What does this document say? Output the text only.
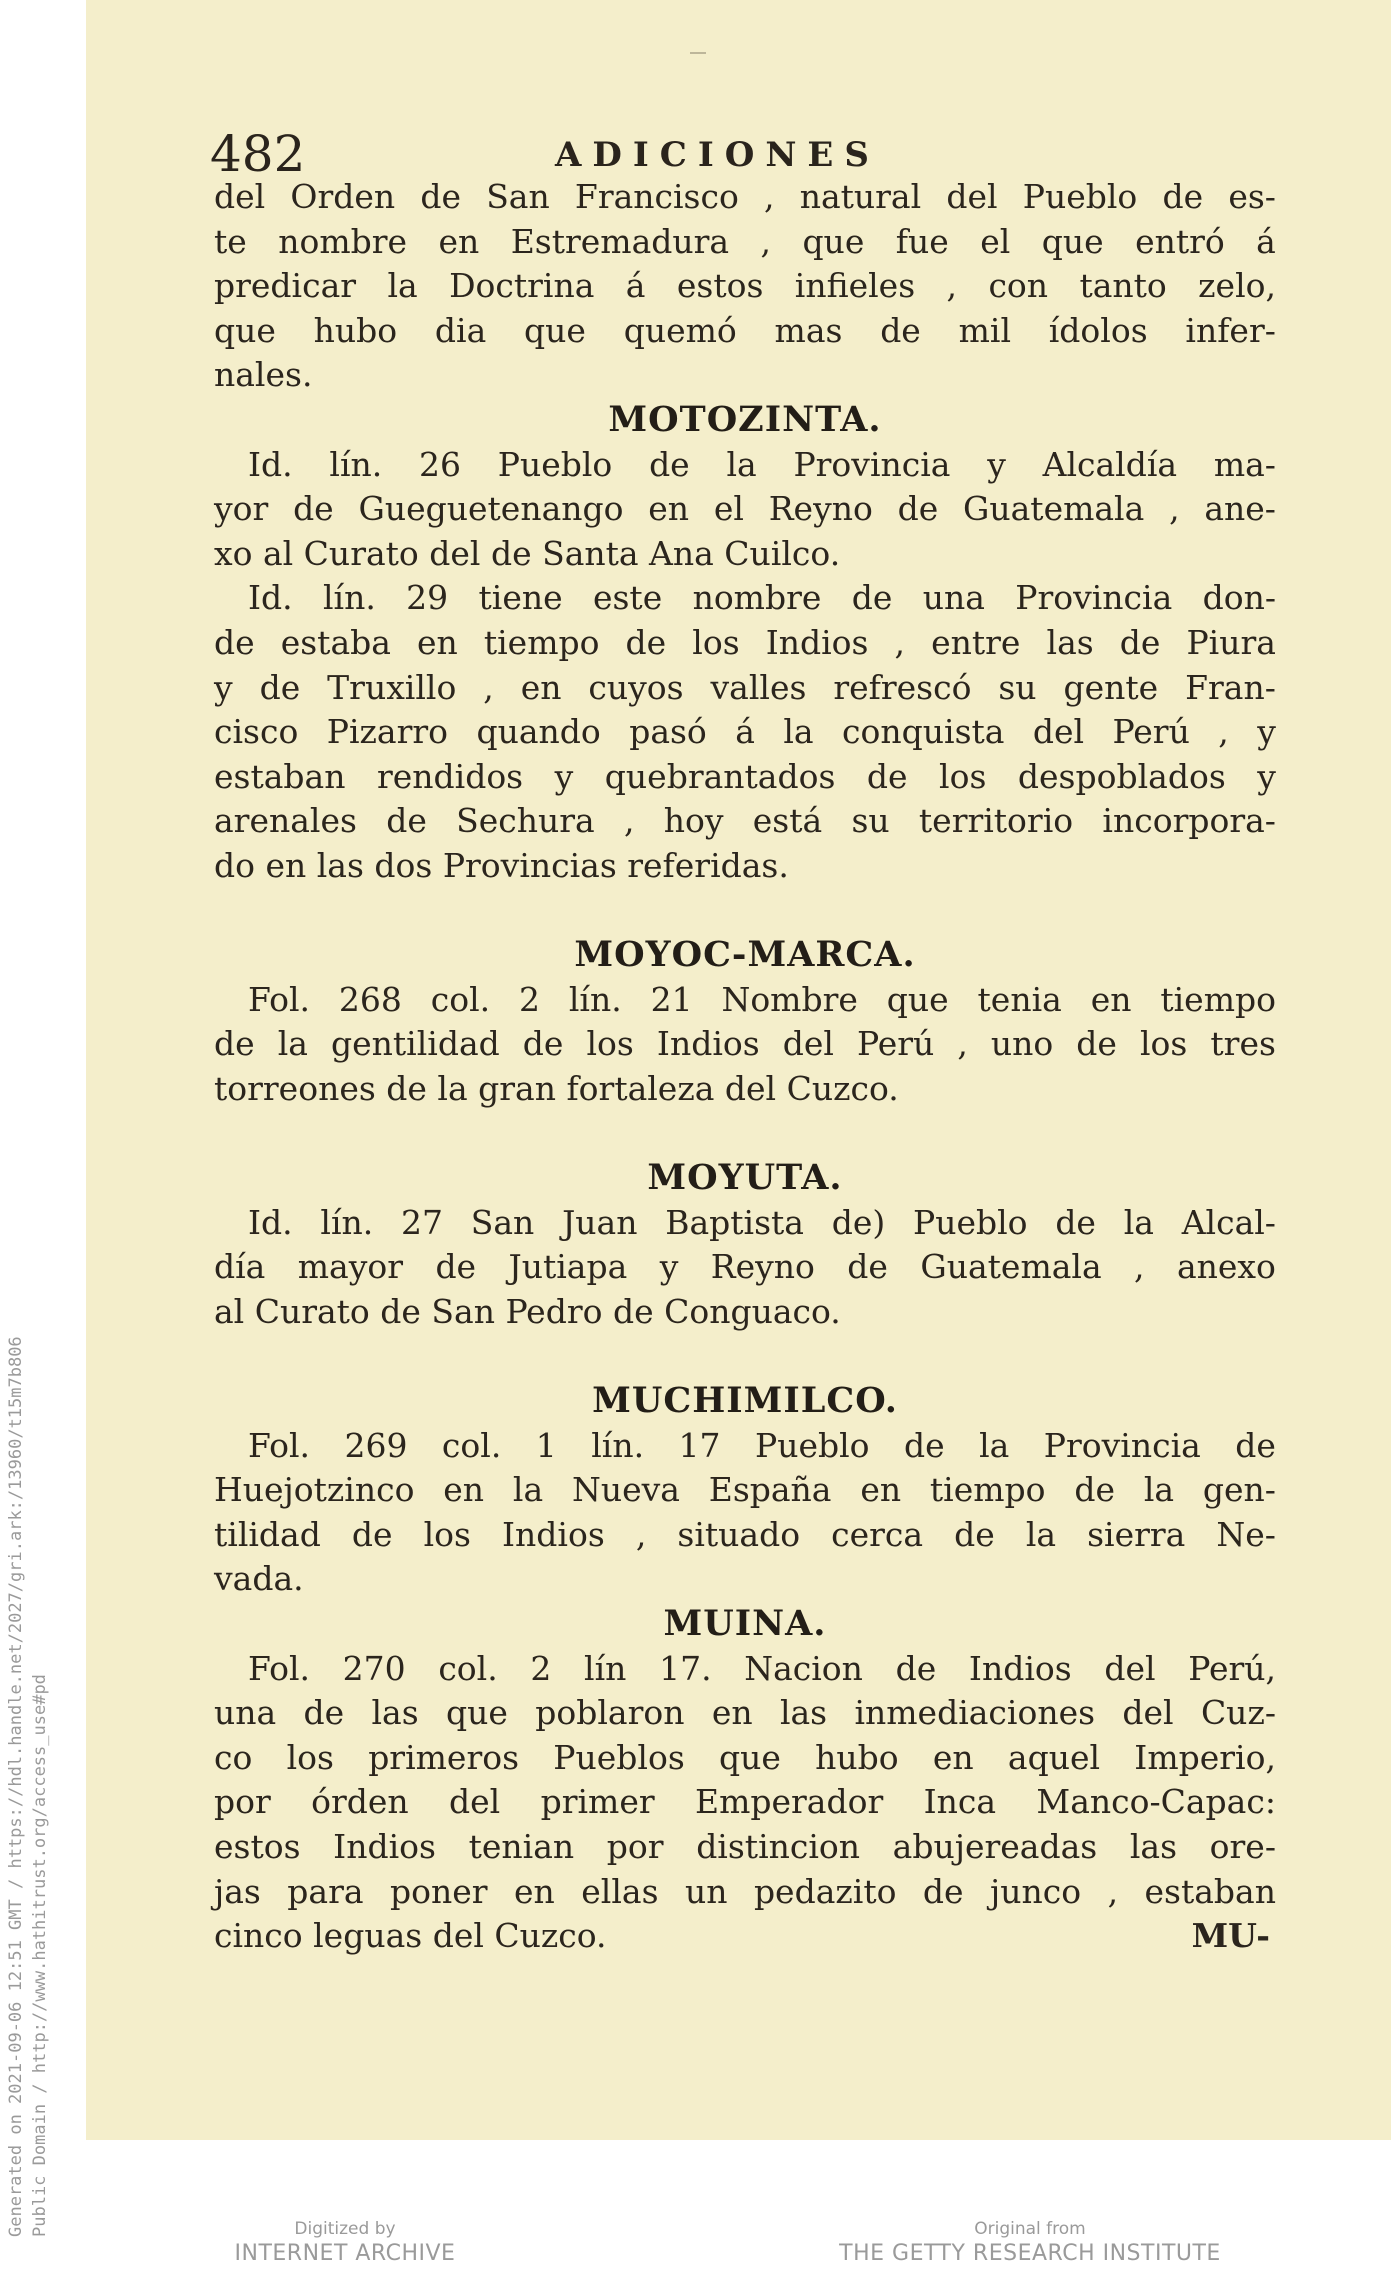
Generated on 2021-09-06 12:51 GMT / https://hdl.handle.net/2027/gri.ark:/13960/t15m7b806 Public Domain / http://www.hathitrust.org/access_use#pd
482	ADICIONES
del Orden de San Francisco , natural del Pueblo de es-
te nombre en Estremadura , que fue el que entró á
predicar la Doctrina á estos infieles , con tanto zelo,
que hubo dia que quemó mas de mil ídolos infer-
nales.
MOTOZINTA.
Id. lín. 26 Pueblo de la Provincia y Alcaldía ma-
yor de Gueguetenango en el Reyno de Guatemala , ane-
xo al Curato del de Santa Ana Cuilco.
Id. lín. 29 tiene este nombre de una Provincia don-
de estaba en tiempo de los Indios , entre las de Piura
y de Truxillo , en cuyos valles refrescó su gente Fran-
cisco Pizarro quando pasó á la conquista del Perú , y
estaban rendidos y quebrantados de los despoblados y
arenales de Sechura , hoy está su territorio incorpora-
do en las dos Provincias referidas.
MOYOC-MARCA.
Fol. 268 col. 2 lín. 21 Nombre que tenia en tiempo
de la gentilidad de los Indios del Perú , uno de los tres
torreones de la gran fortaleza del Cuzco.
MOYUTA.
Id. lín. 27 San Juan Baptista de) Pueblo de la Alcal-
día mayor de Jutiapa y Reyno de Guatemala , anexo
al Curato de San Pedro de Conguaco.
MUCHIMILCO.
Fol. 269 col. 1 lín. 17 Pueblo de la Provincia de
Huejotzinco en la Nueva España en tiempo de la gen-
tilidad de los Indios , situado cerca de la sierra Ne-
vada.
MUINA.
Fol. 270 col. 2 lín 17. Nacion de Indios del Perú,
una de las que poblaron en las inmediaciones del Cuz-
co los primeros Pueblos que hubo en aquel Imperio,
por órden del primer Emperador Inca Manco-Capac:
estos Indios tenian por distincion abujereadas las ore-
jas para poner en ellas un pedazito de junco , estaban
cinco leguas del Cuzco.	MU-
Digitized by
INTERNET ARCHIVE
Original from
THE GETTY RESEARCH INSTITUTE
